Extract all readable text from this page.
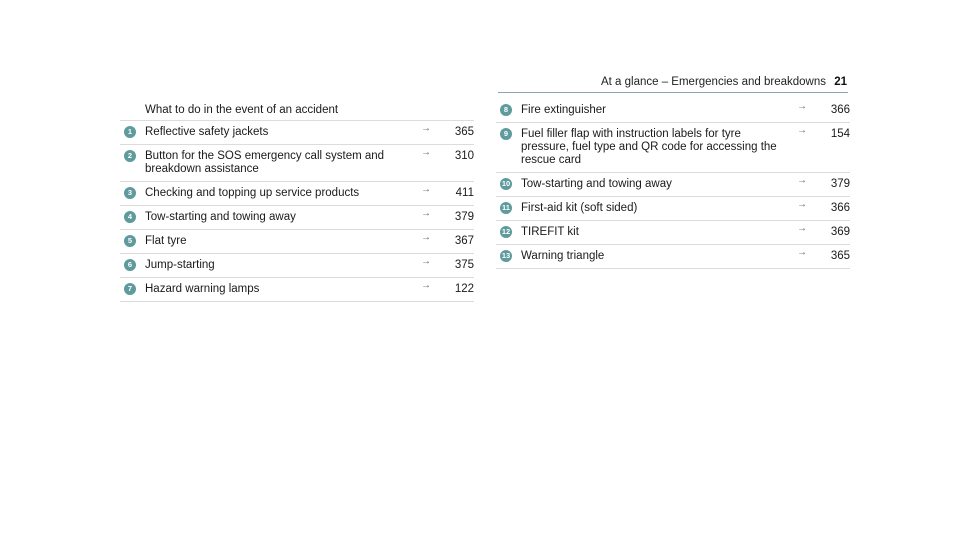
At a glance – Emergencies and breakdowns 21
What to do in the event of an accident
1	Reflective safety jackets	→ 365
2	Button for the SOS emergency call system and breakdown assistance
→ 310
3	Checking and topping up service products	→ 411
4	Tow-starting and towing away	→ 379
5	Flat tyre	→ 367
6	Jump-starting	→ 375
7	Hazard warning lamps	→ 122
8	Fire extinguisher	→ 366
9	Fuel filler flap with instruction labels for tyre pressure, fuel type and QR code for accessing the rescue card
→ 154
10 Tow-starting and towing away	→ 379
11 First-aid kit (soft sided)	→ 366
12 TIREFIT kit	→ 369
13 Warning triangle	→ 365
